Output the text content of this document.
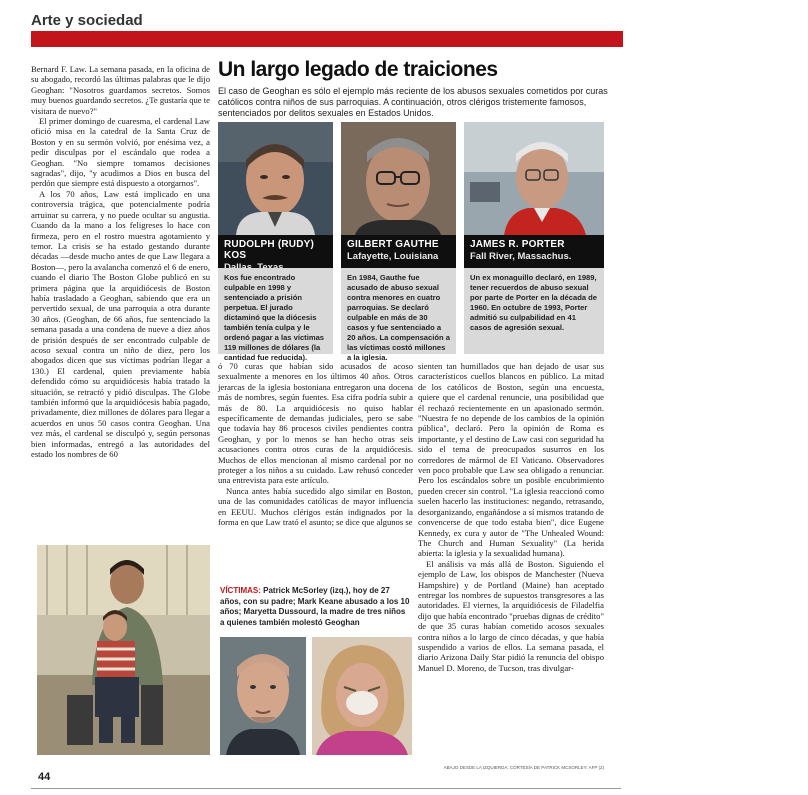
Arte y sociedad

Bernard F. Law. La semana pasada, en la oficina de su abogado, recordó las últimas palabras que le dijo Geoghan: "Nosotros guardamos secretos. Somos muy buenos guardando secretos. ¿Te gustaría que te visitara de nuevo?"

El primer domingo de cuaresma, el cardenal Law ofició misa en la catedral de la Santa Cruz de Boston y en su sermón volvió, por enésima vez, a pedir disculpas por el escándalo que rodea a Geoghan. "No siempre tomamos decisiones sagradas", dijo, "y acudimos a Dios en busca del perdón que siempre está dispuesto a otorgarnos".

A los 70 años, Law está implicado en una controversia trágica, que potencialmente podría arruinar su carrera, y no puede ocultar su angustia. Cuando da la mano a los feligreses lo hace con firmeza, pero en el rostro muestra agotamiento y temor. La crisis se ha estado gestando durante décadas —desde mucho antes de que Law llegara a Boston—, pero la avalancha comenzó el 6 de enero, cuando el diario The Boston Globe publicó en su primera página que la arquidiócesis de Boston había trasladado a Geoghan, sabiendo que era un pervertido sexual, de una parroquia a otra durante 30 años. (Geoghan, de 66 años, fue sentenciado la semana pasada a una condena de nueve a diez años de prisión después de ser encontrado culpable de acoso sexual contra un niño de diez, pero los abogados dicen que sus víctimas podrían llegar a 130.) El cardenal, quien previamente había defendido cómo su arquidiócesis había tratado la situación, se retractó y pidió disculpas. The Globe también informó que la arquidiócesis había pagado, privadamente, diez millones de dólares para llegar a acuerdos en unos 50 casos contra Geoghan. Una vez más, el cardenal se disculpó y, según personas bien informadas, entregó a las autoridades del estado los nombres de 60

Un largo legado de traiciones

El caso de Geoghan es sólo el ejemplo más reciente de los abusos sexuales cometidos por curas católicos contra niños de sus parroquias. A continuación, otros clérigos tristemente famosos, sentenciados por delitos sexuales en Estados Unidos.

ASSOCIATED PRESS
RUDOLPH (RUDY) KOS
GILBERT GAUTHE
Lafayette, Louisiana
JAMES R. PORTER
Fall River, Massachus.
Kos fue encontrado culpable en 1998 y sentenciado a prisión perpetua. El jurado dictaminó que la diócesis también tenía culpa y le ordenó pagar a las víctimas 119 millones de dólares (la cantidad fue reducida).
En 1984, Gauthe fue acusado de abuso sexual contra menores en cuatro parroquias. Se declaró culpable en más de 30 casos y fue sentenciado a 20 años. La compensación a las víctimas costó millones a la iglesia.
Un ex monaguillo declaró, en 1989, tener recuerdos de abuso sexual por parte de Porter en la década de 1960. En octubre de 1993, Porter admitió su culpabilidad en 41 casos de agresión sexual.

ó 70 curas que habían sido acusados de acoso sexualmente a menores en los últimos 40 años. Otros jerarcas de la iglesia bostoniana entregaron una docena más de nombres, según fuentes. Esa cifra podría subir a más de 80. La arquidiócesis no quiso hablar específicamente de demandas judiciales, pero se sabe que todavía hay 86 procesos civiles pendientes contra Geoghan, y por lo menos se han hecho otras seis acusaciones contra otros curas de la arquidiócesis. Muchos de ellos mencionan al mismo cardenal por no proteger a los niños a su cuidado. Law rehusó conceder una entrevista para este artículo.

Nunca antes había sucedido algo similar en Boston, una de las comunidades católicas de mayor influencia en EEUU. Muchos clérigos están indignados por la forma en que Law trató el asunto; se dice que algunos se

sienten tan humillados que han dejado de usar sus característicos cuellos blancos en público. La mitad de los católicos de Boston, según una encuesta, quiere que el cardenal renuncie, una posibilidad que él rechazó recientemente en un apasionado sermón. "Nuestra fe no depende de los cambios de la opinión pública", declaró. Pero la opinión de Roma es importante, y el destino de Law casi con seguridad ha sido el tema de preocupados susurros en los corredores de mármol de El Vaticano. Observadores ven poco probable que Law sea obligado a renunciar. Pero los escándalos sobre un posible encubrimiento pueden crecer sin control. "La iglesia reaccionó como suelen hacerlo las instituciones: negando, retrasando, desorganizando, engañándose a sí mismos tratando de convencerse de que todo estaba bien", dice Eugene Kennedy, ex cura y autor de "The Unhealed Wound: The Church and Human Sexuality" (La herida abierta: la iglesia y la sexualidad humana).

El análisis va más allá de Boston. Siguiendo el ejemplo de Law, los obispos de Manchester (Nueva Hampshire) y de Portland (Maine) han aceptado entregar los nombres de supuestos transgresores a las autoridades. El viernes, la arquidiócesis de Filadelfia dijo que había encontrado "pruebas dignas de crédito" de que 35 curas habían cometido acosos sexuales contra niños a lo largo de cinco décadas, y que había suspendido a varios de ellos. La semana pasada, el diario Arizona Daily Star pidió la renuncia del obispo Manuel D. Moreno, de Tucson, tras divulgar-

VÍCTIMAS: Patrick McSorley (izq.), hoy de 27 años, con su padre; Mark Keane abusado a los 10 años; Maryetta Dussourd, la madre de tres niños a quienes también molestó Geoghan

44
ABAJO DESDE LA IZQUIERDA: CORTESÍA DE PATRICK MCSORLEY; AFP (2)
